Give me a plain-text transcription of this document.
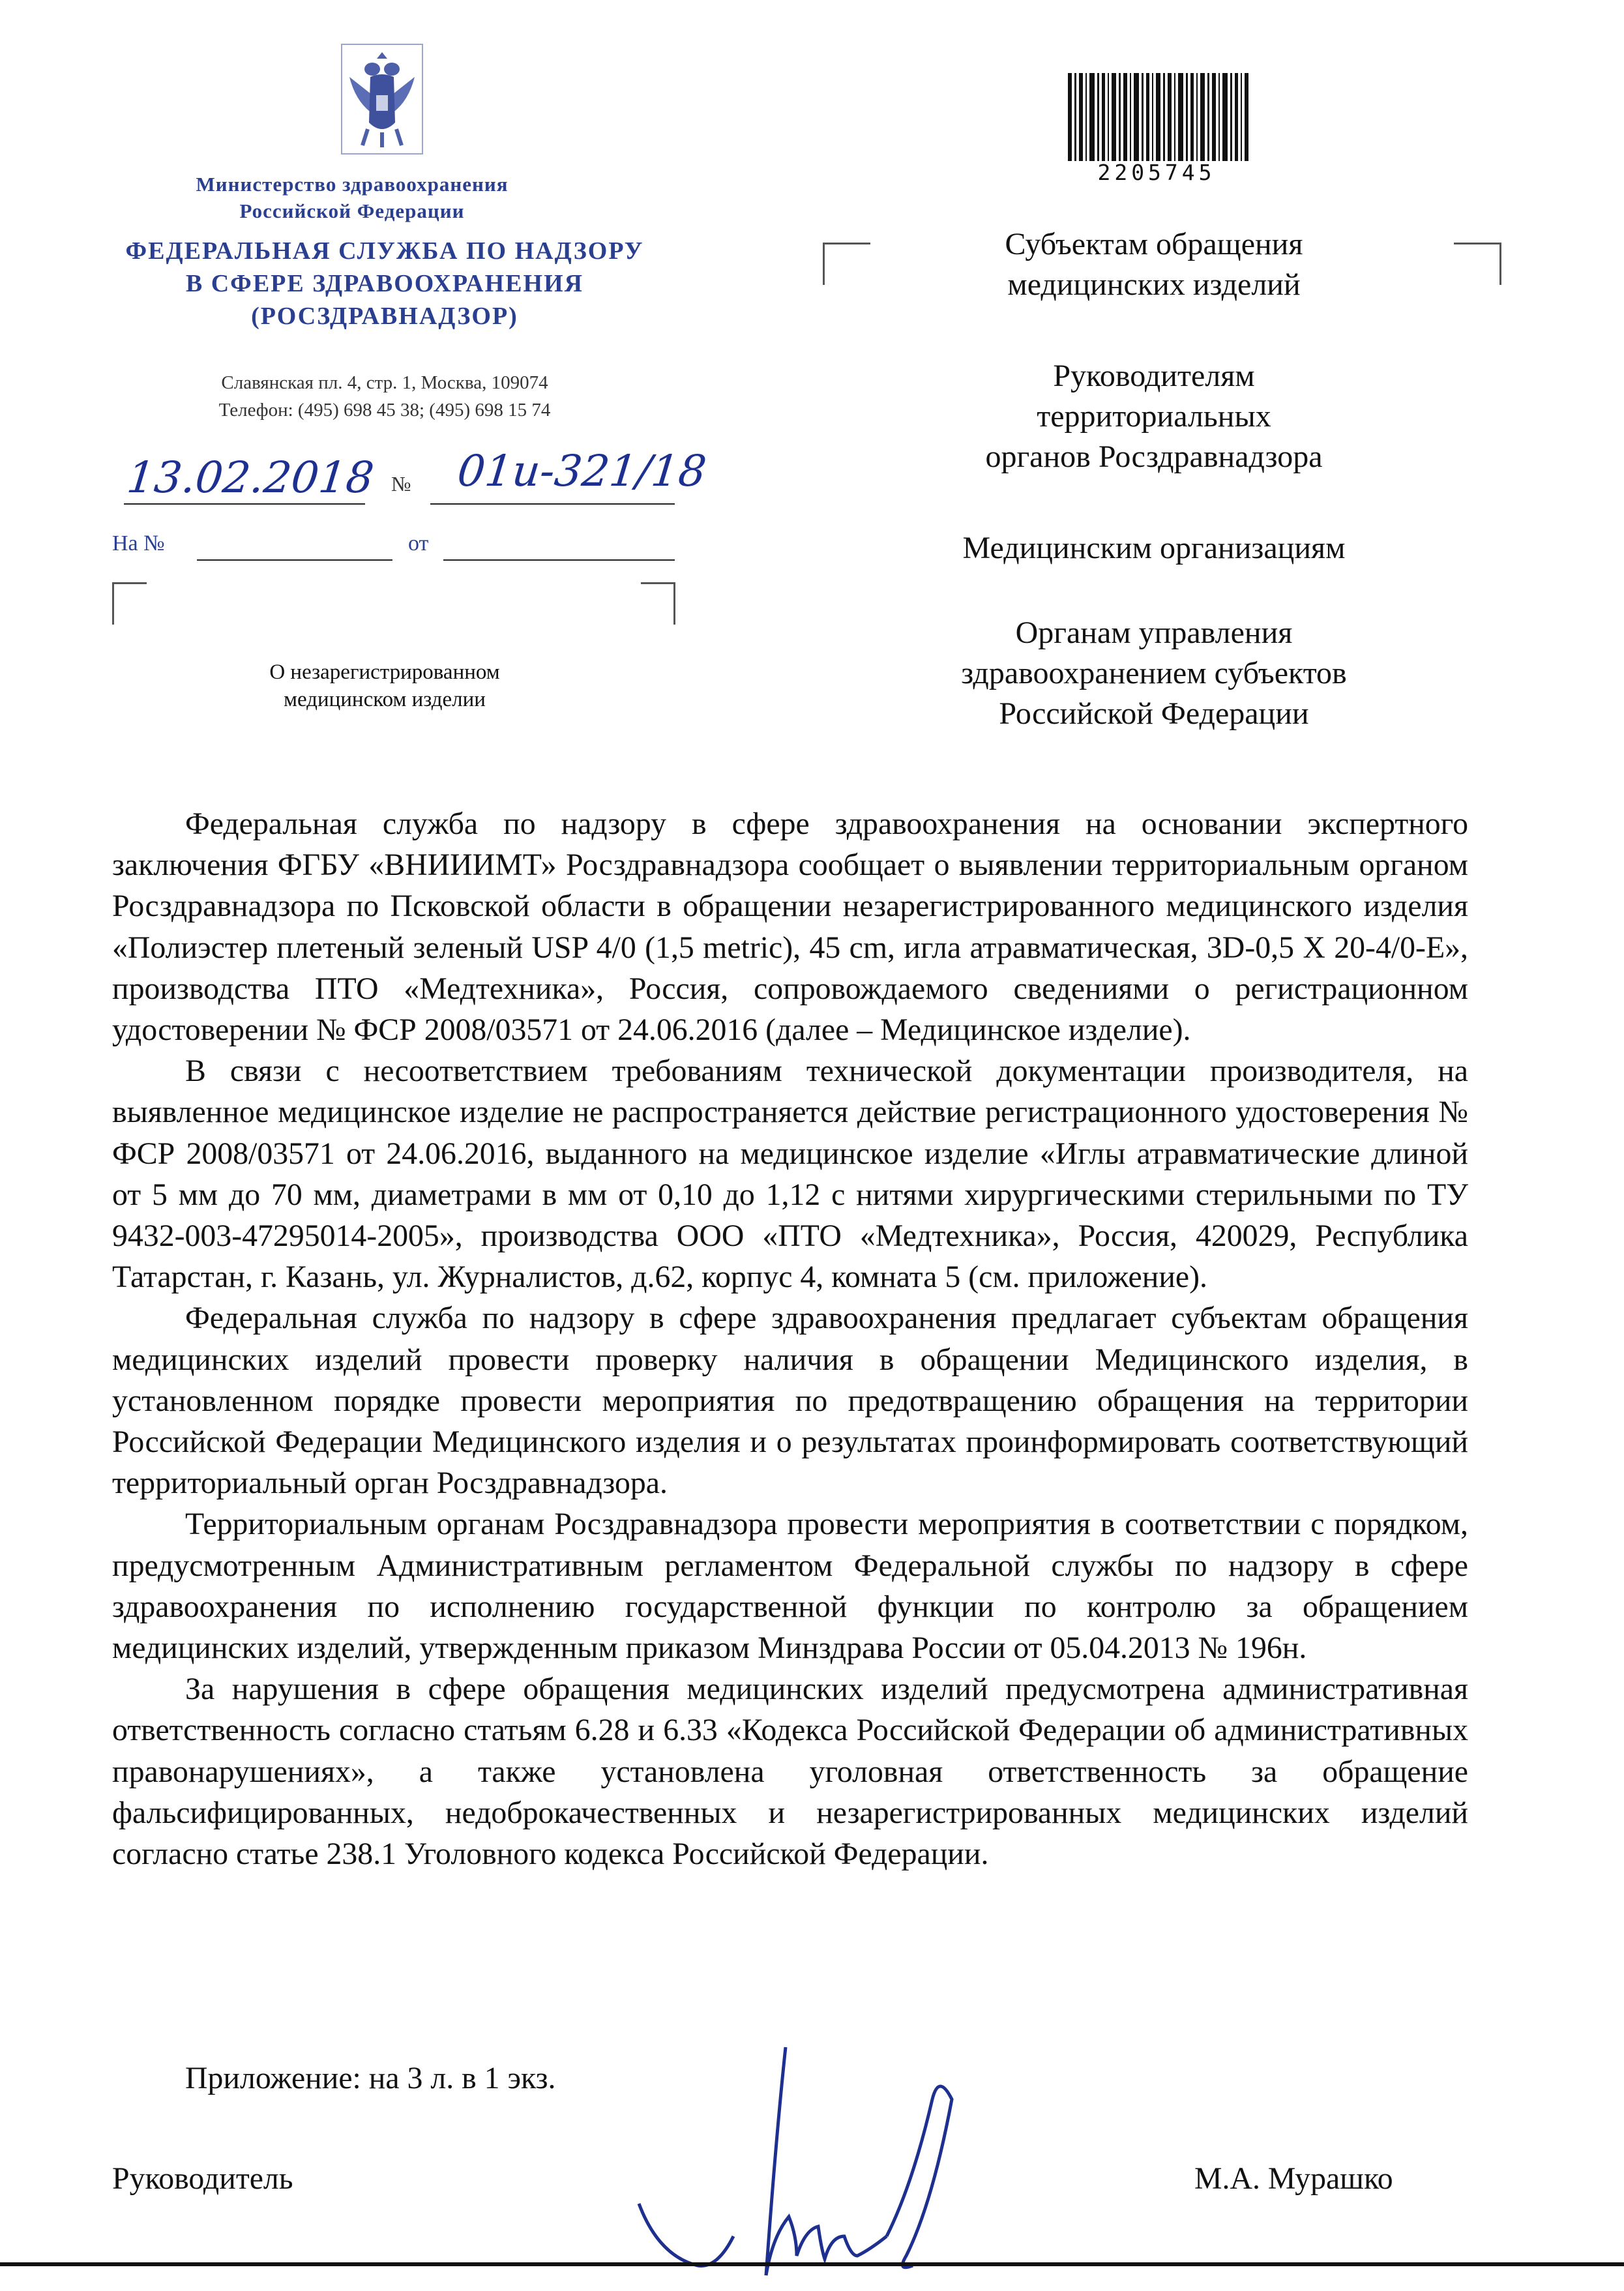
Министерство здравоохранения
Российской Федерации
ФЕДЕРАЛЬНАЯ СЛУЖБА ПО НАДЗОРУ
В СФЕРЕ ЗДРАВООХРАНЕНИЯ
(РОСЗДРАВНАДЗОР)
Славянская пл. 4, стр. 1, Москва, 109074
Телефон: (495) 698 45 38; (495) 698 15 74
13.02.2018 № 01и-321/18
На №	от
О незарегистрированном
медицинском изделии
2205745
Субъектам обращения
медицинских изделий
Руководителям
территориальных
органов Росздравнадзора
Медицинским организациям
Органам управления
здравоохранением субъектов
Российской Федерации

Федеральная служба по надзору в сфере здравоохранения на основании экспертного заключения ФГБУ «ВНИИИМТ» Росздравнадзора сообщает о выявлении территориальным органом Росздравнадзора по Псковской области в обращении незарегистрированного медицинского изделия «Полиэстер плетеный зеленый USP 4/0 (1,5 metric), 45 cm, игла атравматическая, 3D-0,5 X 20-4/0-E», производства ПТО «Медтехника», Россия, сопровождаемого сведениями о регистрационном удостоверении № ФСР 2008/03571 от 24.06.2016 (далее – Медицинское изделие).

В связи с несоответствием требованиям технической документации производителя, на выявленное медицинское изделие не распространяется действие регистрационного удостоверения № ФСР 2008/03571 от 24.06.2016, выданного на медицинское изделие «Иглы атравматические длиной от 5 мм до 70 мм, диаметрами в мм от 0,10 до 1,12 с нитями хирургическими стерильными по ТУ 9432-003-47295014-2005», производства ООО «ПТО «Медтехника», Россия, 420029, Республика Татарстан, г. Казань, ул. Журналистов, д.62, корпус 4, комната 5 (см. приложение).

Федеральная служба по надзору в сфере здравоохранения предлагает субъектам обращения медицинских изделий провести проверку наличия в обращении Медицинского изделия, в установленном порядке провести мероприятия по предотвращению обращения на территории Российской Федерации Медицинского изделия и о результатах проинформировать соответствующий территориальный орган Росздравнадзора.

Территориальным органам Росздравнадзора провести мероприятия в соответствии с порядком, предусмотренным Административным регламентом Федеральной службы по надзору в сфере здравоохранения по исполнению государственной функции по контролю за обращением медицинских изделий, утвержденным приказом Минздрава России от 05.04.2013 № 196н.

За нарушения в сфере обращения медицинских изделий предусмотрена административная ответственность согласно статьям 6.28 и 6.33 «Кодекса Российской Федерации об административных правонарушениях», а также установлена уголовная ответственность за обращение фальсифицированных, недоброкачественных и незарегистрированных медицинских изделий согласно статье 238.1 Уголовного кодекса Российской Федерации.

Приложение: на 3 л. в 1 экз.
Руководитель	М.А. Мурашко
